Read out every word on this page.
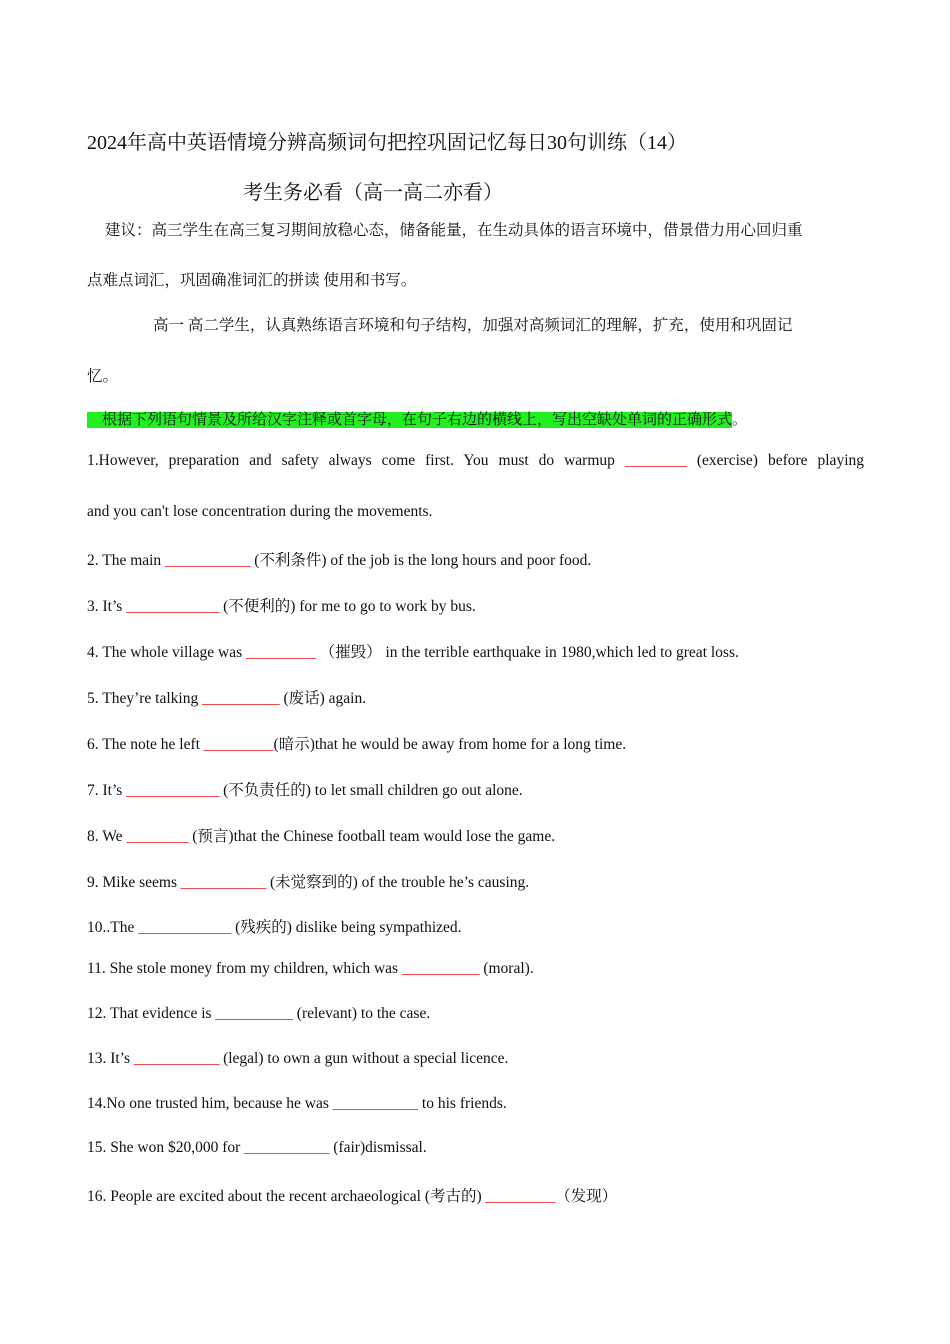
2024年高中英语情境分辨高频词句把控巩固记忆每日30句训练（14）
考生务必看（高一高二亦看）
建议：高三学生在高三复习期间放稳心态，储备能量，在生动具体的语言环境中，借景借力用心回归重
点难点词汇，巩固确准词汇的拼读 使用和书写。
高一 高二学生，认真熟练语言环境和句子结构，加强对高频词汇的理解，扩充，使用和巩固记
忆。
　根据下列语句情景及所给汉字注释或首字母，在句子右边的横线上，写出空缺处单词的正确形式。
1.However, preparation and safety always come first. You must do warmup ________ (exercise) before playing
and you can't lose concentration during the movements.
2. The main ___________ (不利条件) of the job is the long hours and poor food.
3. It’s ____________ (不便利的) for me to go to work by bus.
4. The whole village was _________ （摧毁） in the terrible earthquake in 1980,which led to great loss.
5. They’re talking __________ (废话) again.
6. The note he left _________(暗示)that he would be away from home for a long time.
7. It’s ____________ (不负责任的) to let small children go out alone.
8. We ________ (预言)that the Chinese football team would lose the game.
9. Mike seems ___________ (未觉察到的) of the trouble he’s causing.
10..The ____________ (残疾的) dislike being sympathized.
11. She stole money from my children, which was __________ (moral).
12. That evidence is __________ (relevant) to the case.
13. It’s ___________ (legal) to own a gun without a special licence.
14.No one trusted him, because he was ___________ to his friends.
15. She won $20,000 for ___________ (fair)dismissal.
16. People are excited about the recent archaeological (考古的) _________（发现）
